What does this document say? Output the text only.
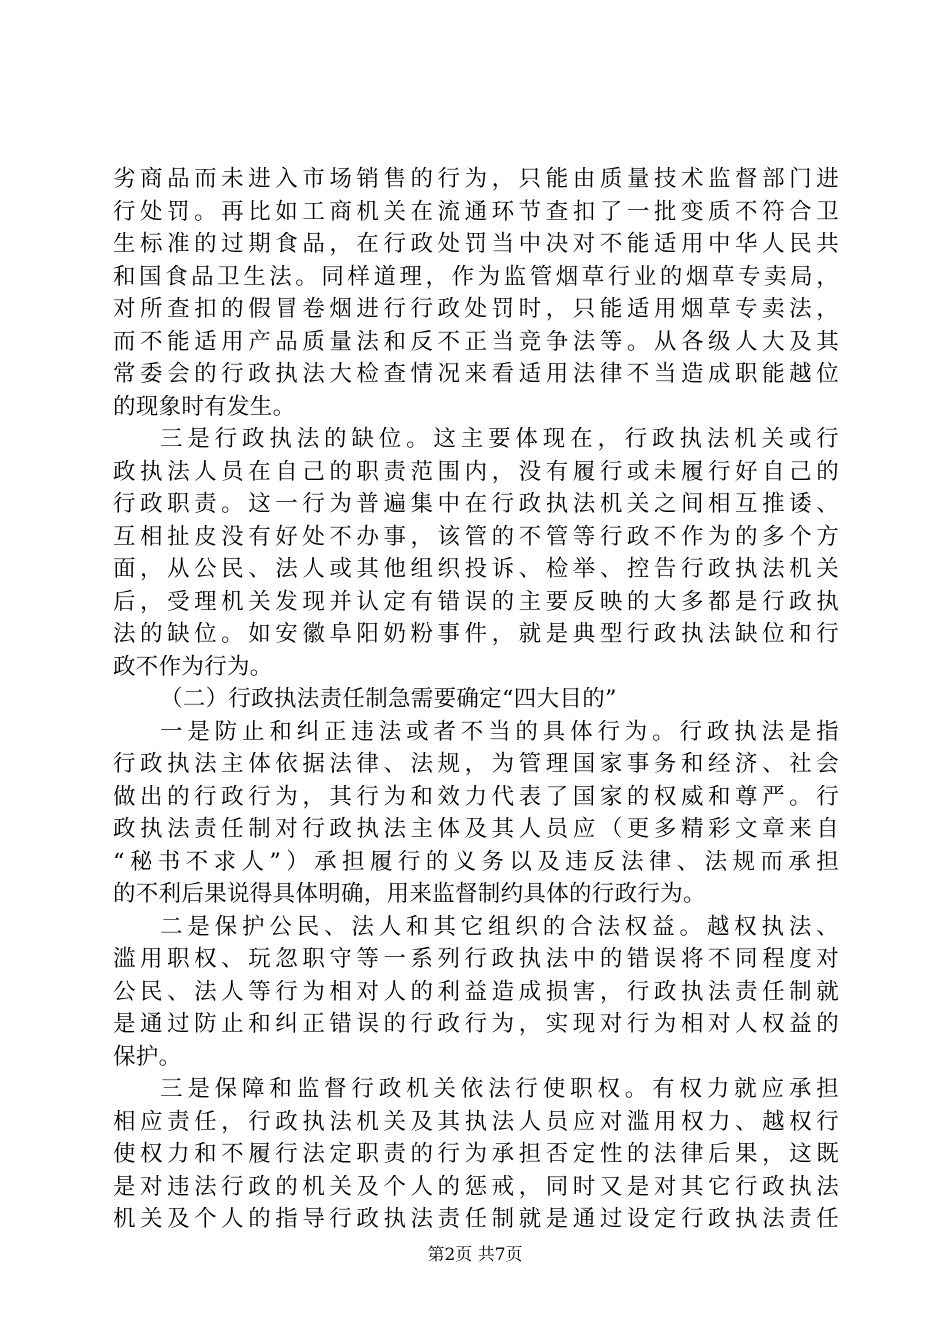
劣商品而未进入市场销售的行为，只能由质量技术监督部门进
行处罚。再比如工商机关在流通环节查扣了一批变质不符合卫
生标准的过期食品，在行政处罚当中决对不能适用中华人民共
和国食品卫生法。同样道理，作为监管烟草行业的烟草专卖局，
对所查扣的假冒卷烟进行行政处罚时，只能适用烟草专卖法，
而不能适用产品质量法和反不正当竞争法等。从各级人大及其
常委会的行政执法大检查情况来看适用法律不当造成职能越位
的现象时有发生。
三是行政执法的缺位。这主要体现在，行政执法机关或行
政执法人员在自己的职责范围内，没有履行或未履行好自己的
行政职责。这一行为普遍集中在行政执法机关之间相互推诿、
互相扯皮没有好处不办事，该管的不管等行政不作为的多个方
面，从公民、法人或其他组织投诉、检举、控告行政执法机关
后，受理机关发现并认定有错误的主要反映的大多都是行政执
法的缺位。如安徽阜阳奶粉事件，就是典型行政执法缺位和行
政不作为行为。
（二）行政执法责任制急需要确定“四大目的”
一是防止和纠正违法或者不当的具体行为。行政执法是指
行政执法主体依据法律、法规，为管理国家事务和经济、社会
做出的行政行为，其行为和效力代表了国家的权威和尊严。行
政执法责任制对行政执法主体及其人员应（更多精彩文章来自
“秘书不求人”）承担履行的义务以及违反法律、法规而承担
的不利后果说得具体明确，用来监督制约具体的行政行为。
二是保护公民、法人和其它组织的合法权益。越权执法、
滥用职权、玩忽职守等一系列行政执法中的错误将不同程度对
公民、法人等行为相对人的利益造成损害，行政执法责任制就
是通过防止和纠正错误的行政行为，实现对行为相对人权益的
保护。
三是保障和监督行政机关依法行使职权。有权力就应承担
相应责任，行政执法机关及其执法人员应对滥用权力、越权行
使权力和不履行法定职责的行为承担否定性的法律后果，这既
是对违法行政的机关及个人的惩戒，同时又是对其它行政执法
机关及个人的指导行政执法责任制就是通过设定行政执法责任
第2页 共7页
